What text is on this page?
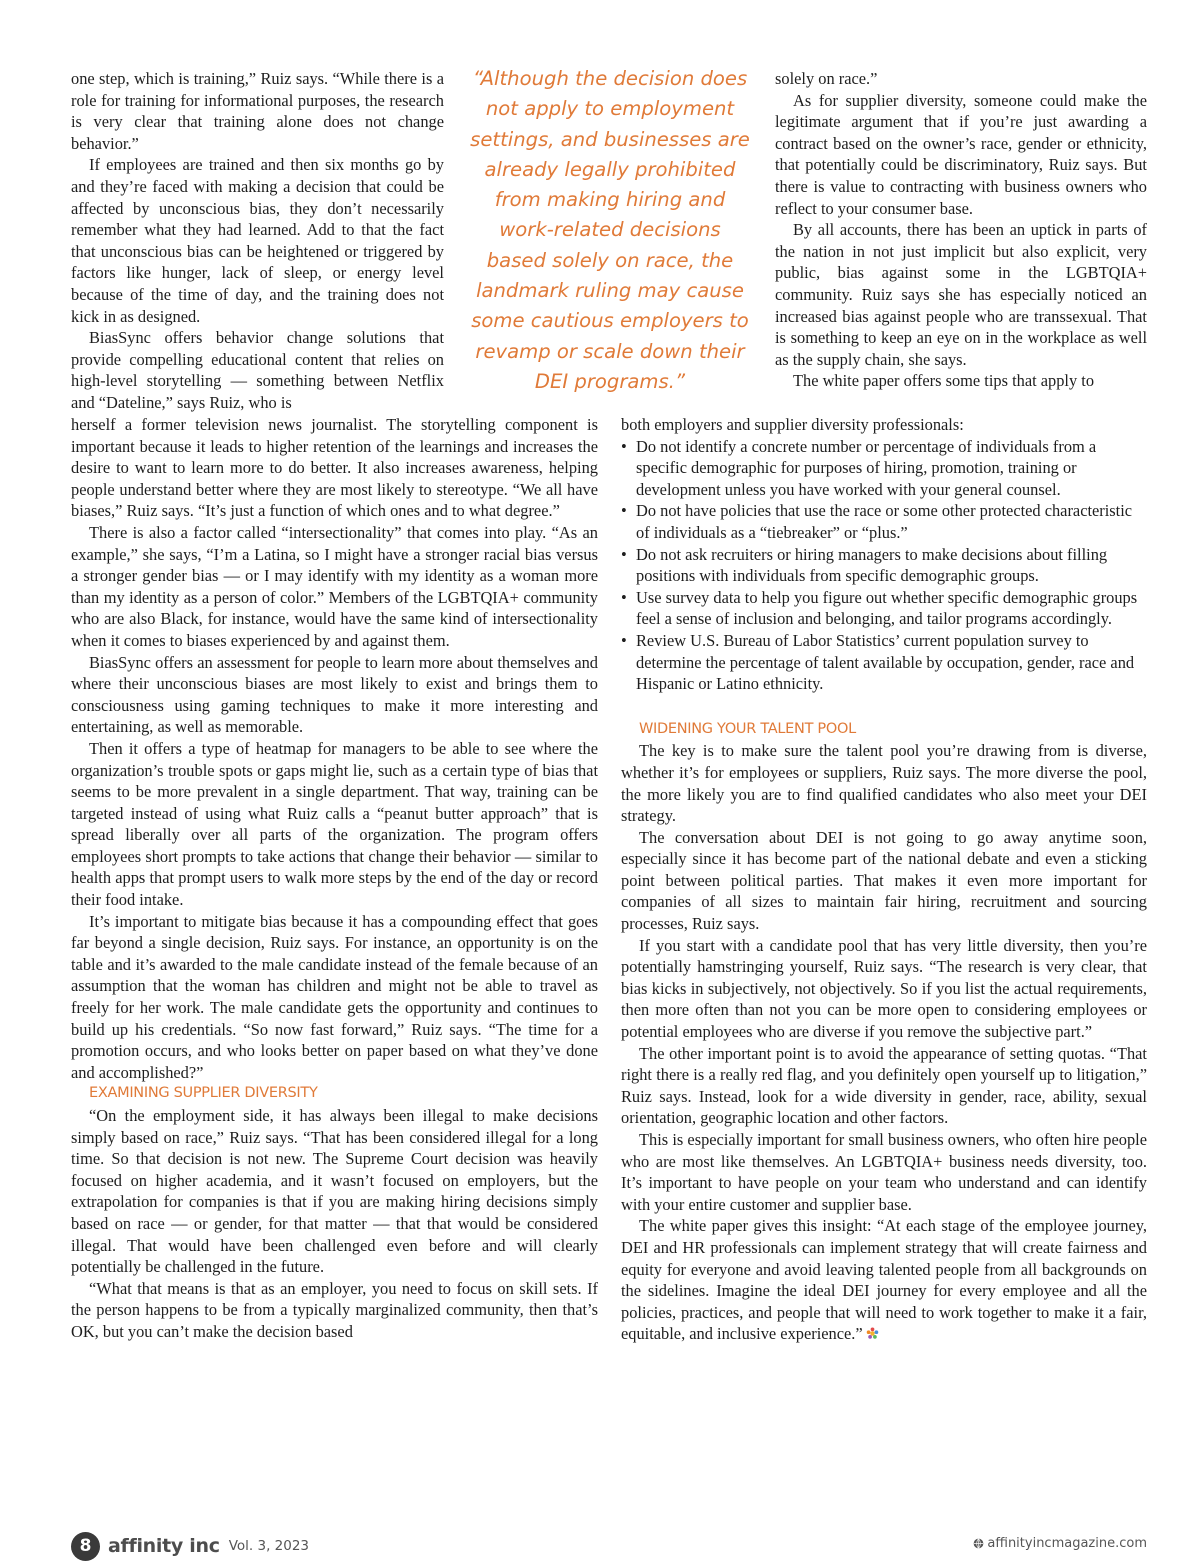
one step, which is training,” Ruiz says. “While there is a role for training for informational purposes, the research is very clear that training alone does not change behavior.”

If employees are trained and then six months go by and they’re faced with making a decision that could be affected by unconscious bias, they don’t necessarily remember what they had learned. Add to that the fact that unconscious bias can be heightened or triggered by factors like hunger, lack of sleep, or energy level because of the time of day, and the training does not kick in as designed.

BiasSync offers behavior change solutions that provide compelling educational content that relies on high-level storytelling — something between Netflix and “Dateline,” says Ruiz, who is

“Although the decision does not apply to employment settings, and businesses are already legally prohibited from making hiring and work-related decisions based solely on race, the landmark ruling may cause some cautious employers to revamp or scale down their DEI programs.”

solely on race.”

As for supplier diversity, someone could make the legitimate argument that if you’re just awarding a contract based on the owner’s race, gender or ethnicity, that potentially could be discriminatory, Ruiz says. But there is value to contracting with business owners who reflect to your consumer base.

By all accounts, there has been an uptick in parts of the nation in not just implicit but also explicit, very public, bias against some in the LGBTQIA+ community. Ruiz says she has especially noticed an increased bias against people who are transsexual. That is something to keep an eye on in the workplace as well as the supply chain, she says.

The white paper offers some tips that apply to

herself a former television news journalist. The storytelling component is important because it leads to higher retention of the learnings and increases the desire to want to learn more to do better. It also increases awareness, helping people understand better where they are most likely to stereotype. “We all have biases,” Ruiz says. “It’s just a function of which ones and to what degree.”

There is also a factor called “intersectionality” that comes into play. “As an example,” she says, “I’m a Latina, so I might have a stronger racial bias versus a stronger gender bias — or I may identify with my identity as a woman more than my identity as a person of color.” Members of the LGBTQIA+ community who are also Black, for instance, would have the same kind of intersectionality when it comes to biases experienced by and against them.

BiasSync offers an assessment for people to learn more about themselves and where their unconscious biases are most likely to exist and brings them to consciousness using gaming techniques to make it more interesting and entertaining, as well as memorable.

Then it offers a type of heatmap for managers to be able to see where the organization’s trouble spots or gaps might lie, such as a certain type of bias that seems to be more prevalent in a single department. That way, training can be targeted instead of using what Ruiz calls a “peanut butter approach” that is spread liberally over all parts of the organization. The program offers employees short prompts to take actions that change their behavior — similar to health apps that prompt users to walk more steps by the end of the day or record their food intake.

It’s important to mitigate bias because it has a compounding effect that goes far beyond a single decision, Ruiz says. For instance, an opportunity is on the table and it’s awarded to the male candidate instead of the female because of an assumption that the woman has children and might not be able to travel as freely for her work. The male candidate gets the opportunity and continues to build up his credentials. “So now fast forward,” Ruiz says. “The time for a promotion occurs, and who looks better on paper based on what they’ve done and accomplished?”

EXAMINING SUPPLIER DIVERSITY

“On the employment side, it has always been illegal to make decisions simply based on race,” Ruiz says. “That has been considered illegal for a long time. So that decision is not new. The Supreme Court decision was heavily focused on higher academia, and it wasn’t focused on employers, but the extrapolation for companies is that if you are making hiring decisions simply based on race — or gender, for that matter — that that would be considered illegal. That would have been challenged even before and will clearly potentially be challenged in the future.

“What that means is that as an employer, you need to focus on skill sets. If the person happens to be from a typically marginalized community, then that’s OK, but you can’t make the decision based

both employers and supplier diversity professionals:

• Do not identify a concrete number or percentage of individuals from a specific demographic for purposes of hiring, promotion, training or development unless you have worked with your general counsel.
• Do not have policies that use the race or some other protected characteristic of individuals as a “tiebreaker” or “plus.”
• Do not ask recruiters or hiring managers to make decisions about filling positions with individuals from specific demographic groups.
• Use survey data to help you figure out whether specific demographic groups feel a sense of inclusion and belonging, and tailor programs accordingly.
• Review U.S. Bureau of Labor Statistics’ current population survey to determine the percentage of talent available by occupation, gender, race and Hispanic or Latino ethnicity.

WIDENING YOUR TALENT POOL

The key is to make sure the talent pool you’re drawing from is diverse, whether it’s for employees or suppliers, Ruiz says. The more diverse the pool, the more likely you are to find qualified candidates who also meet your DEI strategy.

The conversation about DEI is not going to go away anytime soon, especially since it has become part of the national debate and even a sticking point between political parties. That makes it even more important for companies of all sizes to maintain fair hiring, recruitment and sourcing processes, Ruiz says.

If you start with a candidate pool that has very little diversity, then you’re potentially hamstringing yourself, Ruiz says. “The research is very clear, that bias kicks in subjectively, not objectively. So if you list the actual requirements, then more often than not you can be more open to considering employees or potential employees who are diverse if you remove the subjective part.”

The other important point is to avoid the appearance of setting quotas. “That right there is a really red flag, and you definitely open yourself up to litigation,” Ruiz says. Instead, look for a wide diversity in gender, race, ability, sexual orientation, geographic location and other factors.

This is especially important for small business owners, who often hire people who are most like themselves. An LGBTQIA+ business needs diversity, too. It’s important to have people on your team who understand and can identify with your entire customer and supplier base.

The white paper gives this insight: “At each stage of the employee journey, DEI and HR professionals can implement strategy that will create fairness and equity for everyone and avoid leaving talented people from all backgrounds on the sidelines. Imagine the ideal DEI journey for every employee and all the policies, practices, and people that will need to work together to make it a fair, equitable, and inclusive experience.”

8 affinity inc Vol. 3, 2023	affinityincmagazine.com
